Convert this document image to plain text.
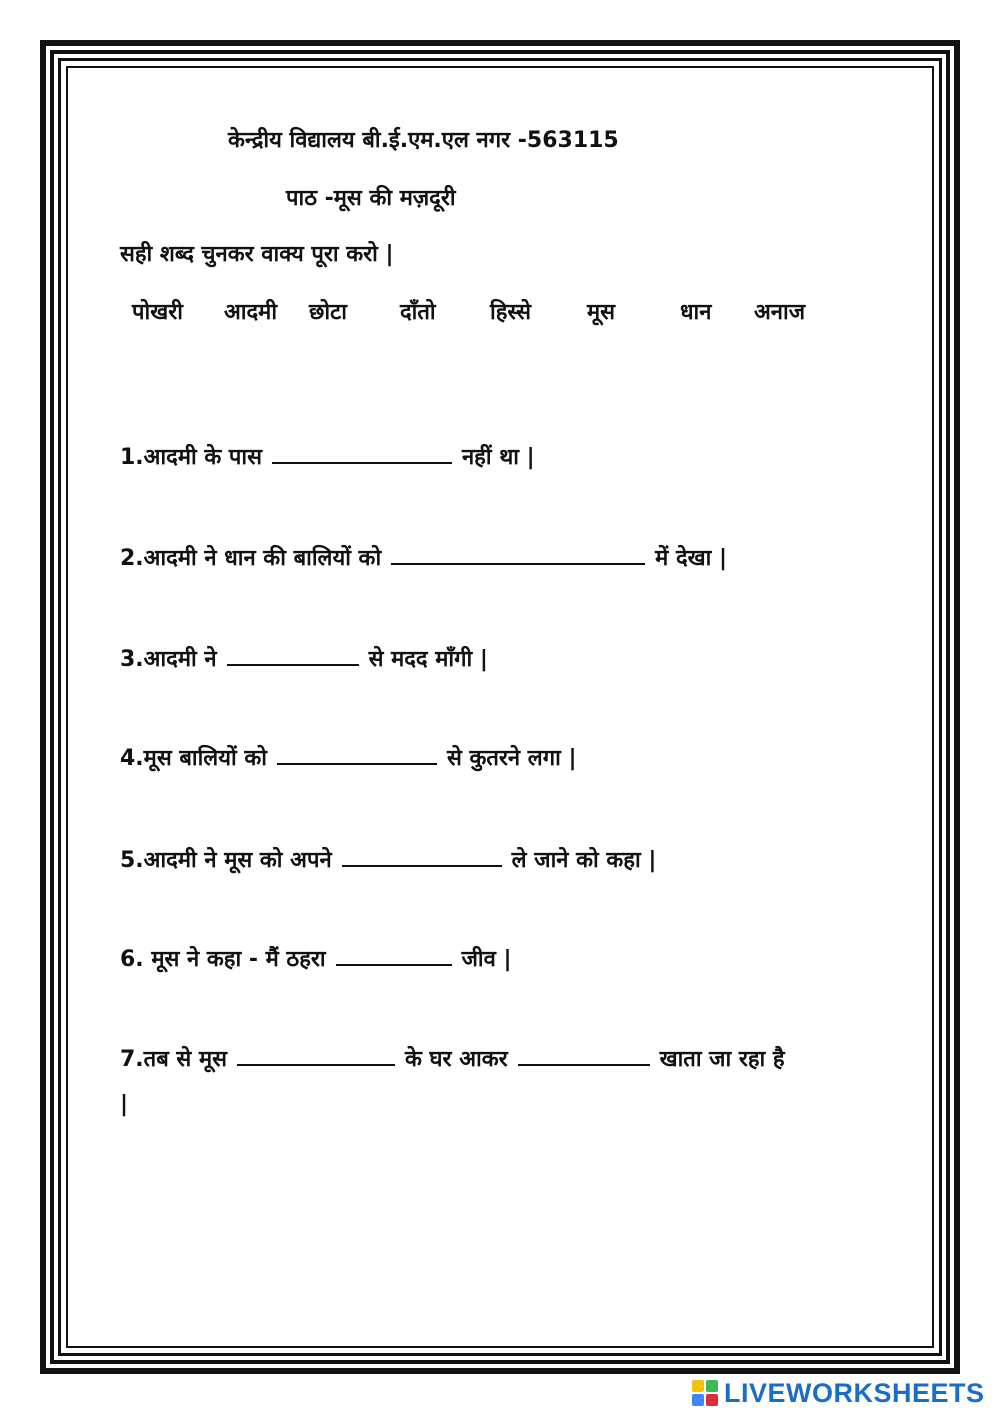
केन्द्रीय विद्यालय बी.ई.एम.एल नगर -563115
पाठ -मूस की मज़दूरी
सही शब्द चुनकर वाक्य पूरा करो |
पोखरी आदमी छोटा दाँतो हिस्से	मूस	धान अनाज
1.आदमी के पास	नहीं था |
2.आदमी ने धान की बालियों को	में देखा |
3.आदमी ने	से मदद माँगी |
4.मूस बालियों को	से कुतरने लगा |
5.आदमी ने मूस को अपने	ले जाने को कहा |
6. मूस ने कहा - मैं ठहरा	जीव |
7.तब से मूस	के घर आकर	खाता जा रहा है
|
LIVEWORKSHEETS
